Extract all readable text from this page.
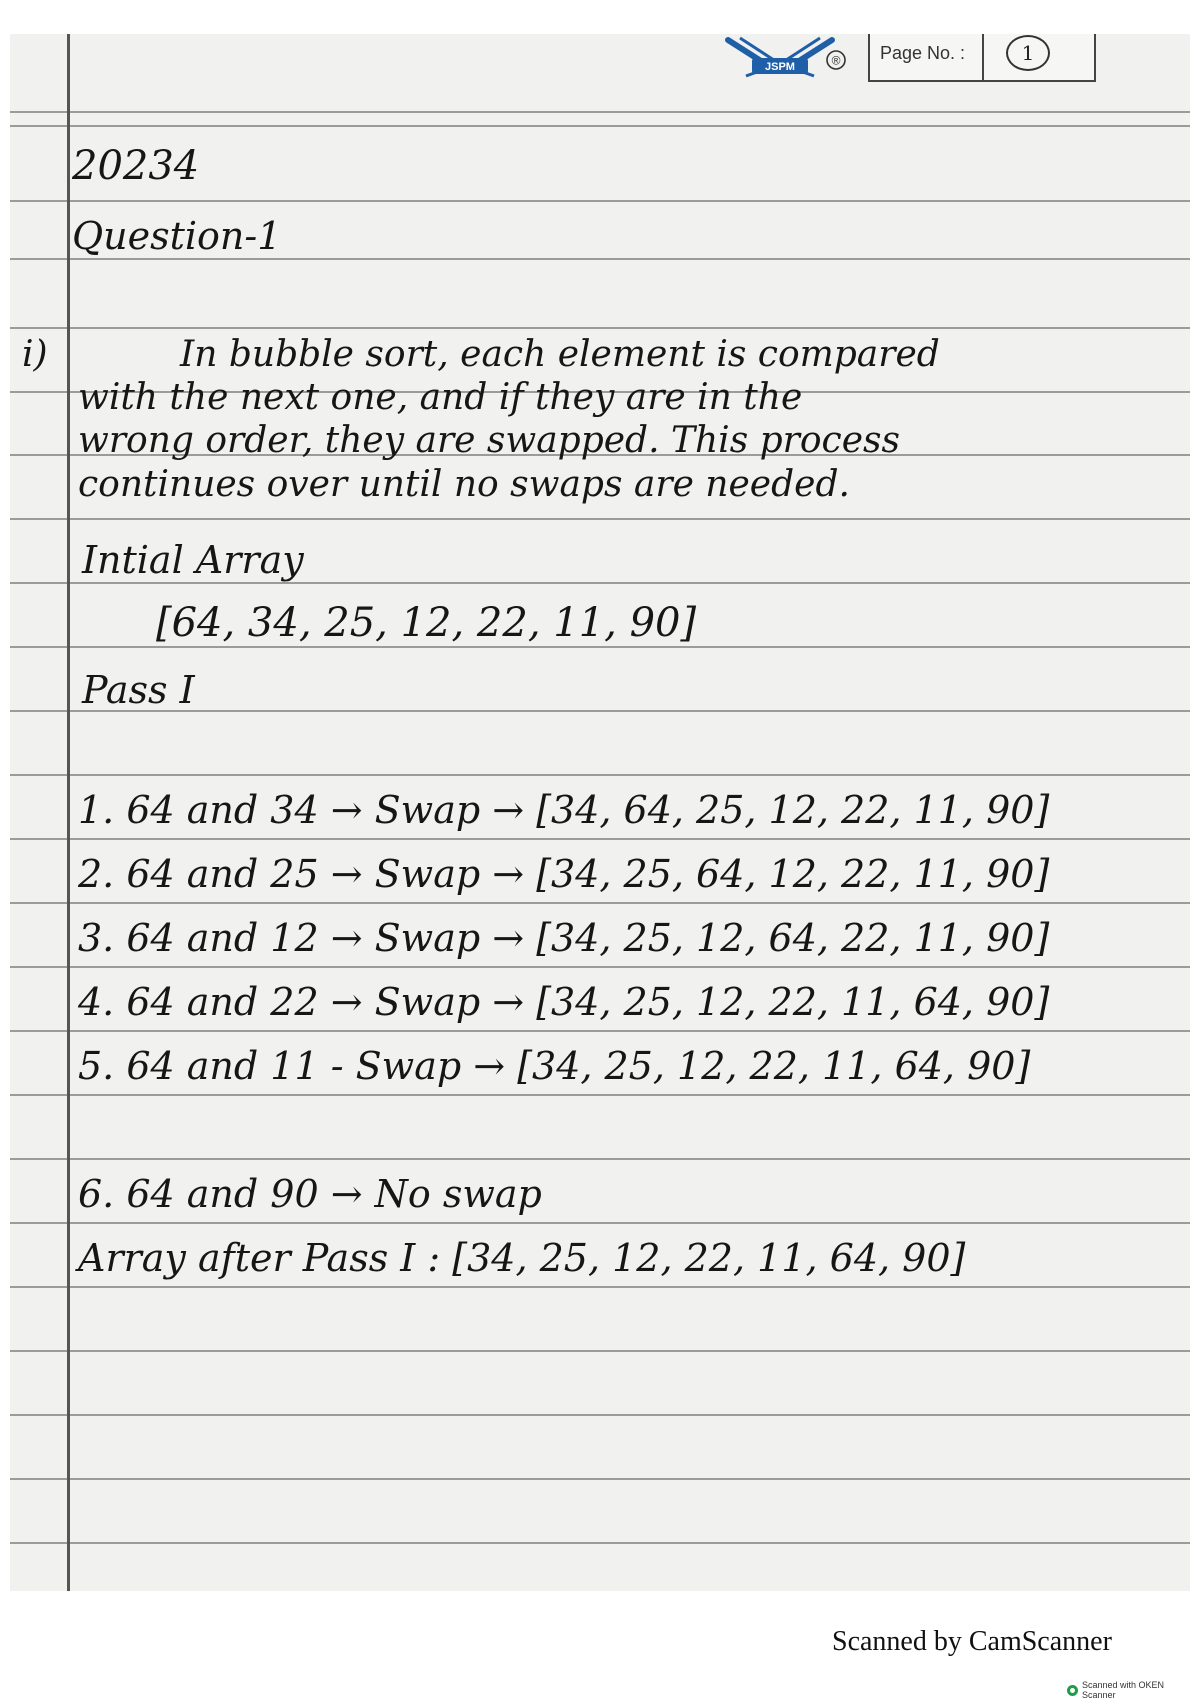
JSPM	® Page No. :	1
20234
Question-1
i)	In bubble sort, each element is compared
with the next one, and if they are in the
wrong order, they are swapped. This process
continues over until no swaps are needed.
Intial Array
[64, 34, 25, 12, 22, 11, 90]
Pass I
1. 64 and 34 → Swap → [34, 64, 25, 12, 22, 11, 90]
2. 64 and 25 → Swap → [34, 25, 64, 12, 22, 11, 90]
3. 64 and 12 → Swap → [34, 25, 12, 64, 22, 11, 90]
4. 64 and 22 → Swap → [34, 25, 12, 22, 11, 64, 90]
5. 64 and 11 - Swap → [34, 25, 12, 22, 11, 64, 90]
6. 64 and 90 → No swap
Array after Pass I : [34, 25, 12, 22, 11, 64, 90]
Scanned by CamScanner
Scanned with OKEN Scanner
